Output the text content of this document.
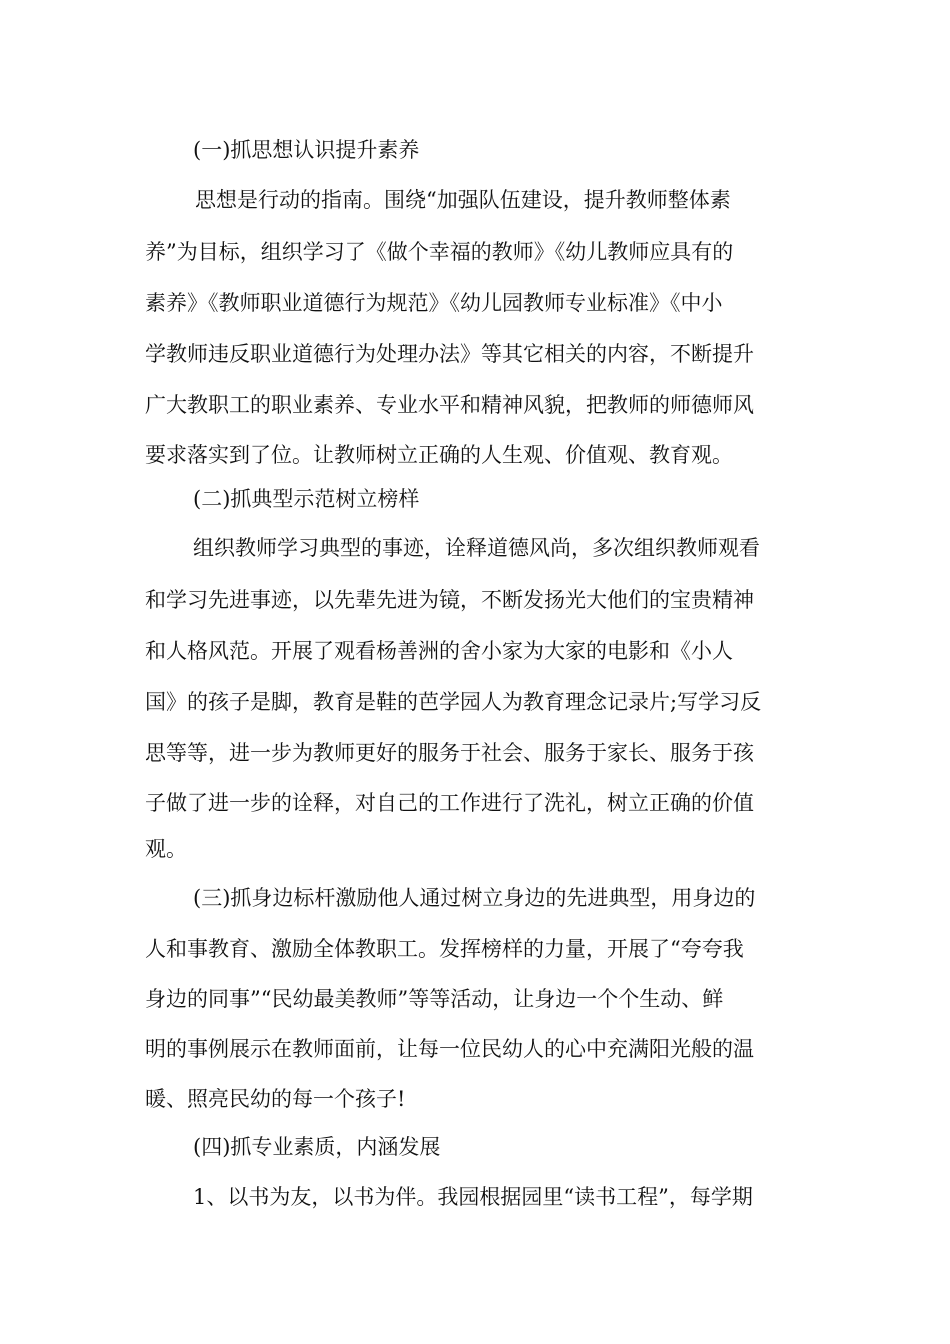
(一)抓思想认识提升素养
思想是行动的指南。围绕“加强队伍建设，提升教师整体素
养”为目标，组织学习了《做个幸福的教师》《幼儿教师应具有的
素养》《教师职业道德行为规范》《幼儿园教师专业标准》《中小
学教师违反职业道德行为处理办法》等其它相关的内容，不断提升
广大教职工的职业素养、专业水平和精神风貌，把教师的师德师风
要求落实到了位。让教师树立正确的人生观、价值观、教育观。
(二)抓典型示范树立榜样
组织教师学习典型的事迹，诠释道德风尚，多次组织教师观看
和学习先进事迹，以先辈先进为镜，不断发扬光大他们的宝贵精神
和人格风范。开展了观看杨善洲的舍小家为大家的电影和《小人
国》的孩子是脚，教育是鞋的芭学园人为教育理念记录片;写学习反
思等等，进一步为教师更好的服务于社会、服务于家长、服务于孩
子做了进一步的诠释，对自己的工作进行了洗礼，树立正确的价值
观。
(三)抓身边标杆激励他人通过树立身边的先进典型，用身边的
人和事教育、激励全体教职工。发挥榜样的力量，开展了“夸夸我
身边的同事”“民幼最美教师”等等活动，让身边一个个生动、鲜
明的事例展示在教师面前，让每一位民幼人的心中充满阳光般的温
暖、照亮民幼的每一个孩子!
(四)抓专业素质，内涵发展
1、以书为友，以书为伴。我园根据园里“读书工程”，每学期
